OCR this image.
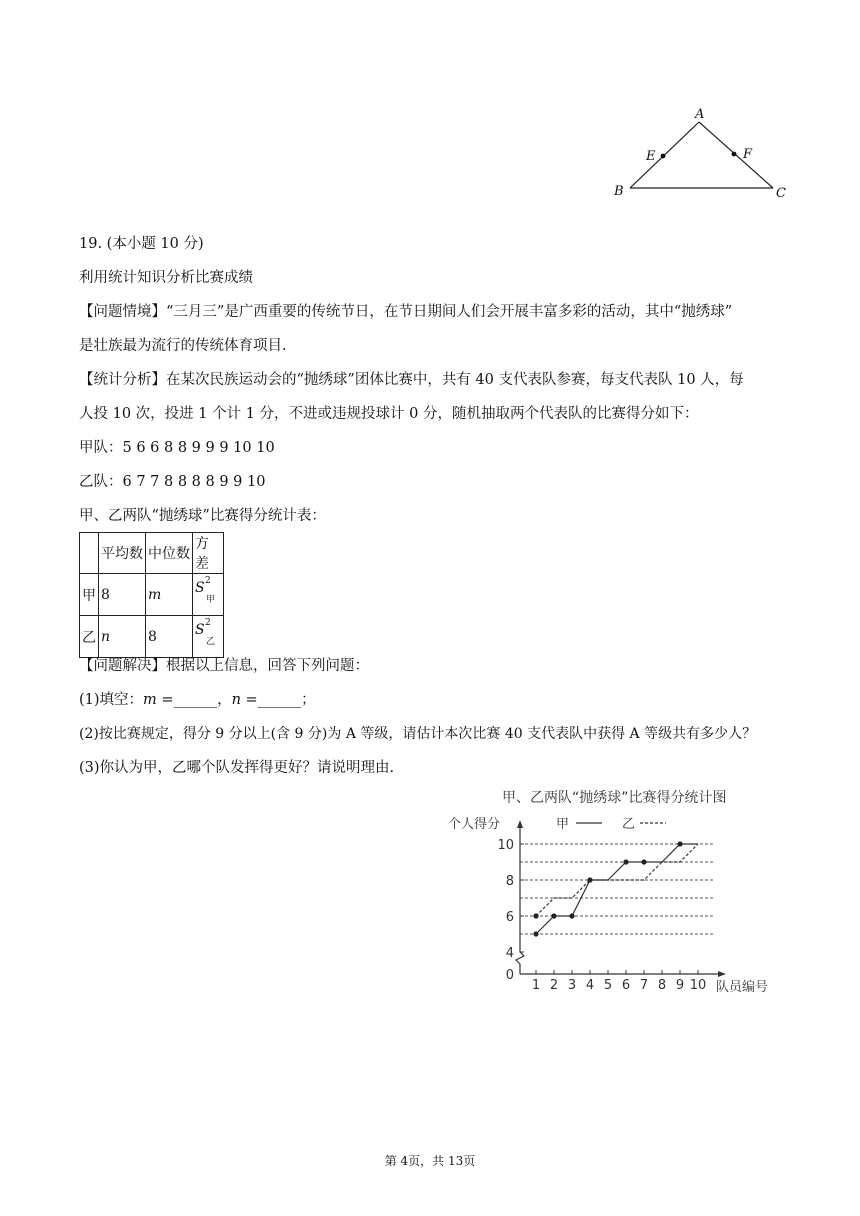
A
E	F
B	C
19. (本小题 10 分)
利用统计知识分析比赛成绩
【问题情境】“三月三”是广西重要的传统节日，在节日期间人们会开展丰富多彩的活动，其中“抛绣球”
是壮族最为流行的传统体育项目.
【统计分析】在某次民族运动会的“抛绣球”团体比赛中，共有 40 支代表队参赛，每支代表队 10 人，每
人投 10 次，投进 1 个计 1 分，不进或违规投球计 0 分，随机抽取两个代表队的比赛得分如下：
甲队：5 6 6 8 8 9 9 9 10 10
乙队：6 7 7 8 8 8 8 9 9 10
甲、乙两队“抛绣球”比赛得分统计表：
	平均数	中位数	方差
甲	8	m	S 2
甲

乙	n	8	S 2
乙
【问题解决】根据以上信息，回答下列问题：
(1)填空：m =______，n =______；
(2)按比赛规定，得分 9 分以上(含 9 分)为 A 等级，请估计本次比赛 40 支代表队中获得 A 等级共有多少人？
(3)你认为甲，乙哪个队发挥得更好？请说明理由.
甲、乙两队“抛绣球”比赛得分统计图
个人得分	甲	乙
0
4
6
8
10
1 2 3 4 5 6 7 8 9 10 队员编号
第 4页，共 13页
